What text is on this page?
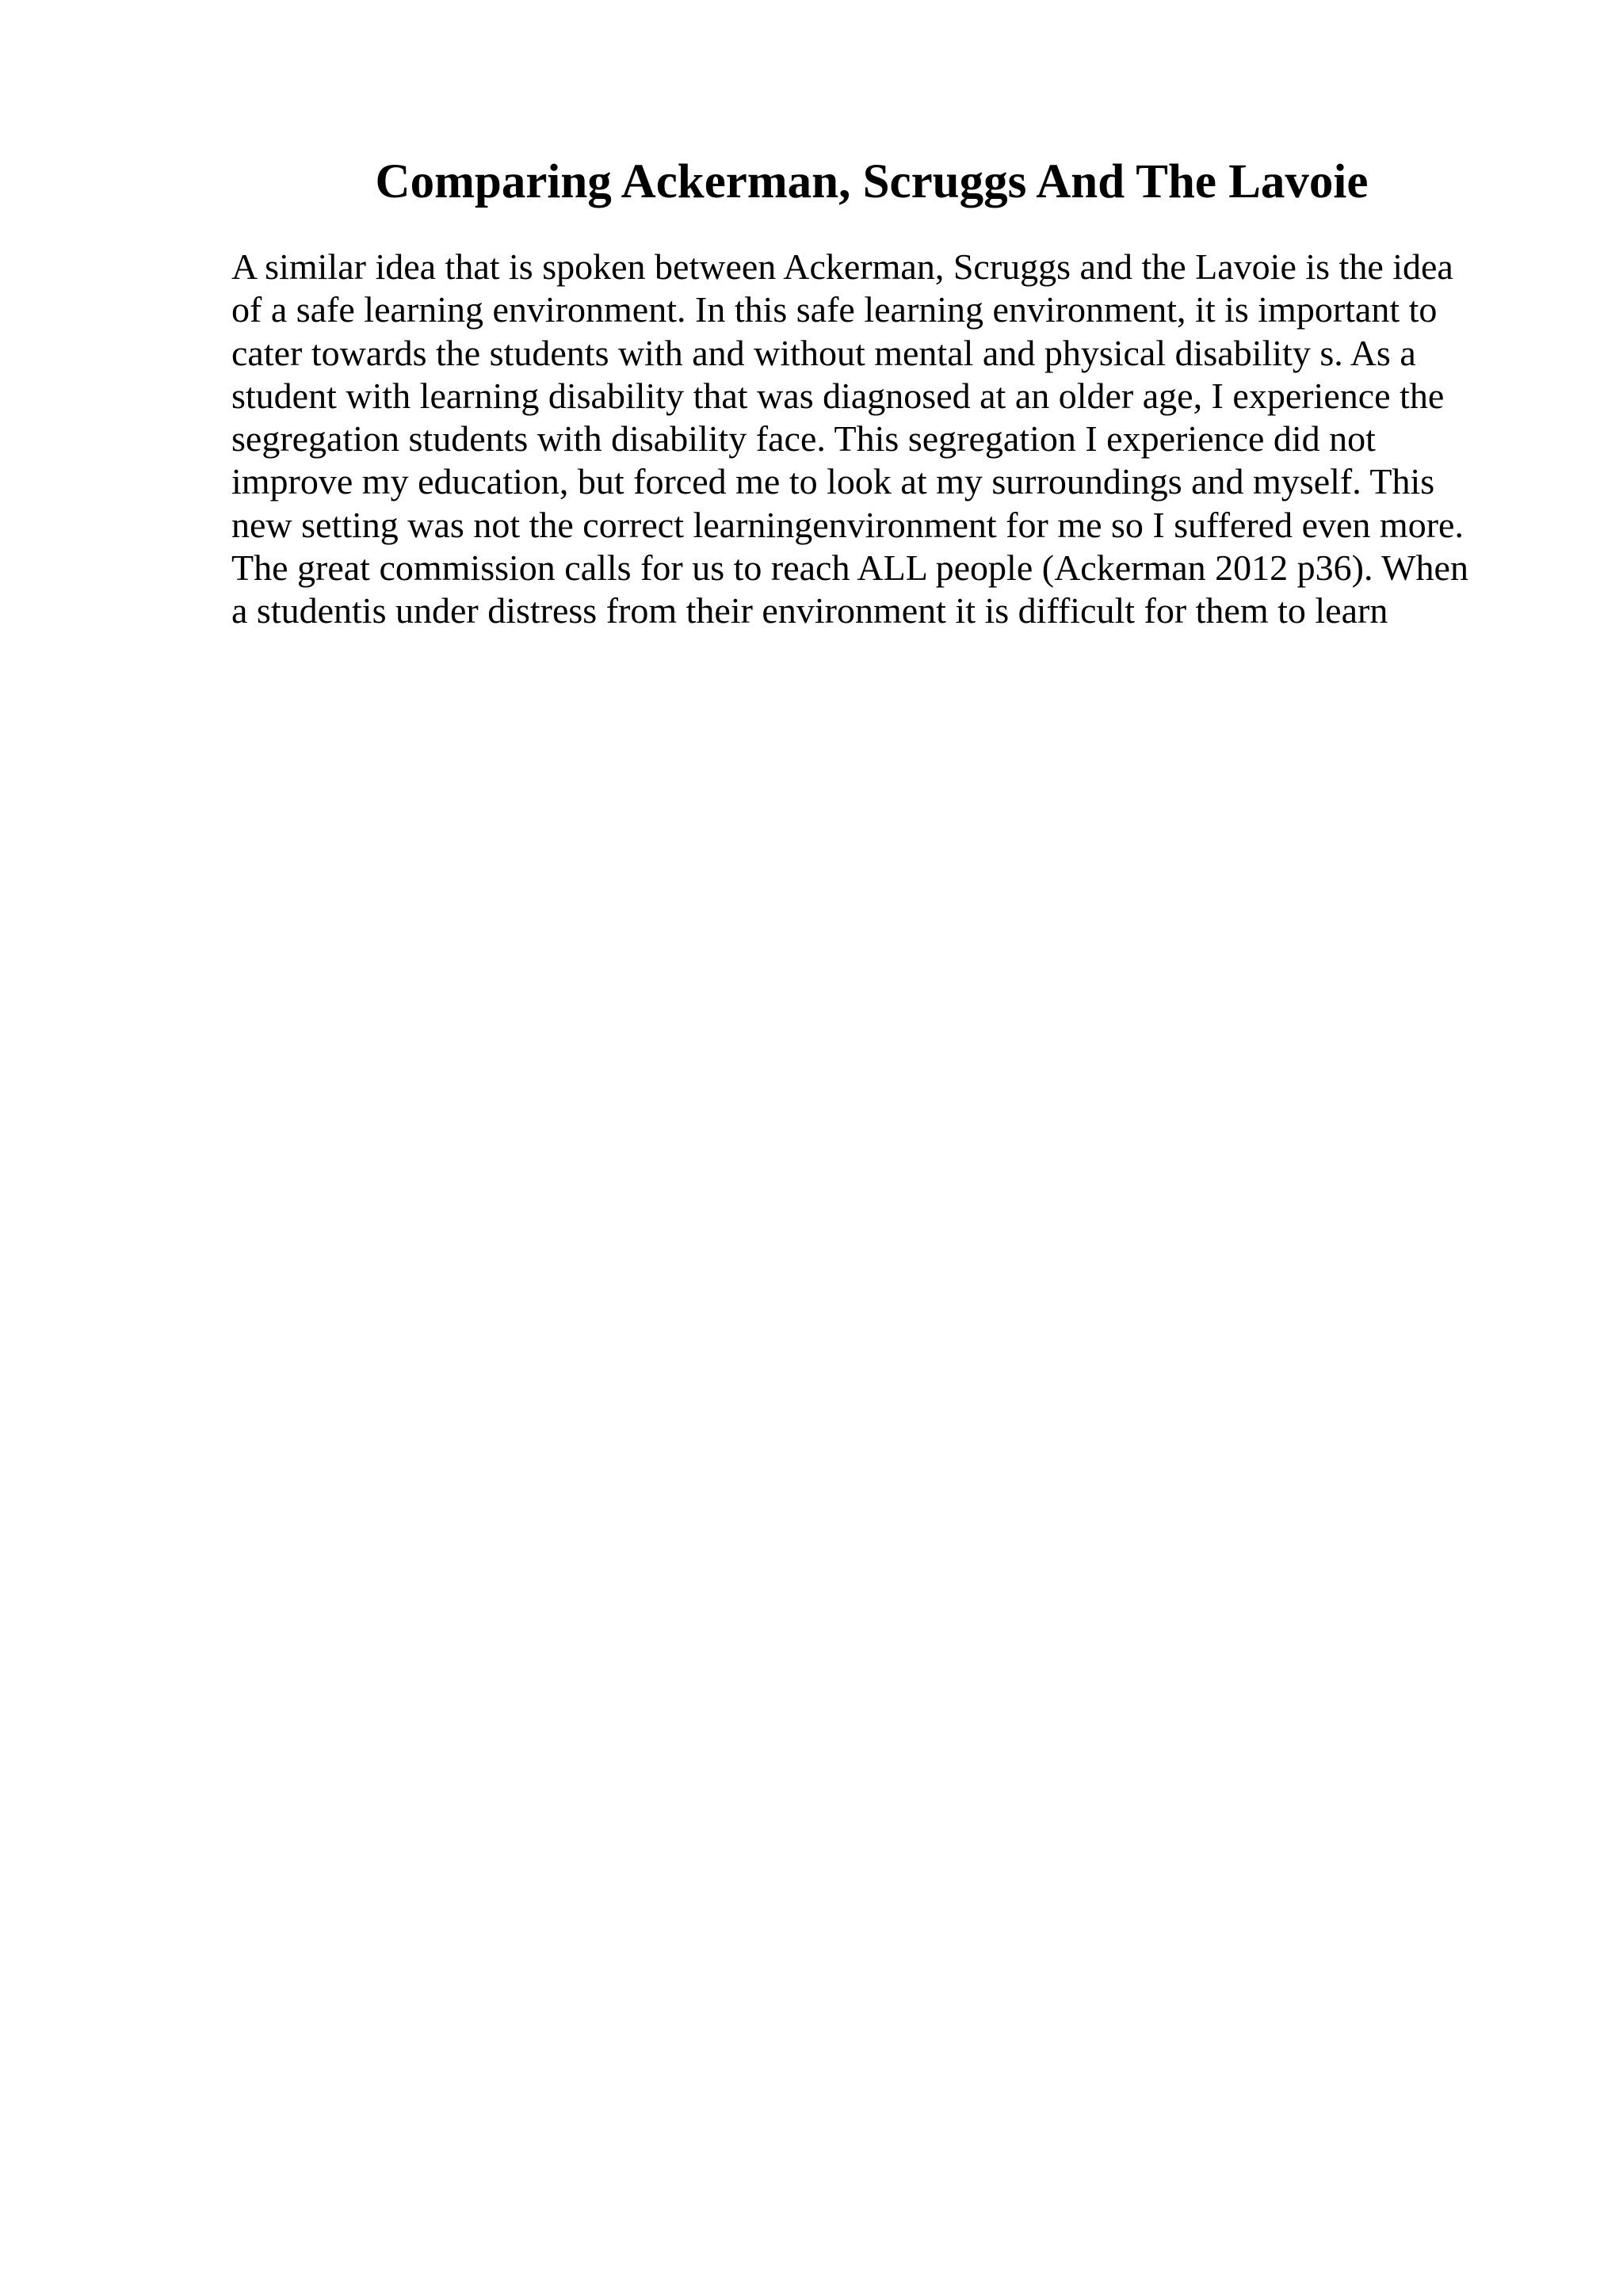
Comparing Ackerman, Scruggs And The Lavoie
A similar idea that is spoken between Ackerman, Scruggs and the Lavoie is the idea
of a safe learning environment. In this safe learning environment, it is important to
cater towards the students with and without mental and physical disability s. As a
student with learning disability that was diagnosed at an older age, I experience the
segregation students with disability face. This segregation I experience did not
improve my education, but forced me to look at my surroundings and myself. This
new setting was not the correct learningenvironment for me so I suffered even more.
The great commission calls for us to reach ALL people (Ackerman 2012 p36). When
a studentis under distress from their environment it is difficult for them to learn
